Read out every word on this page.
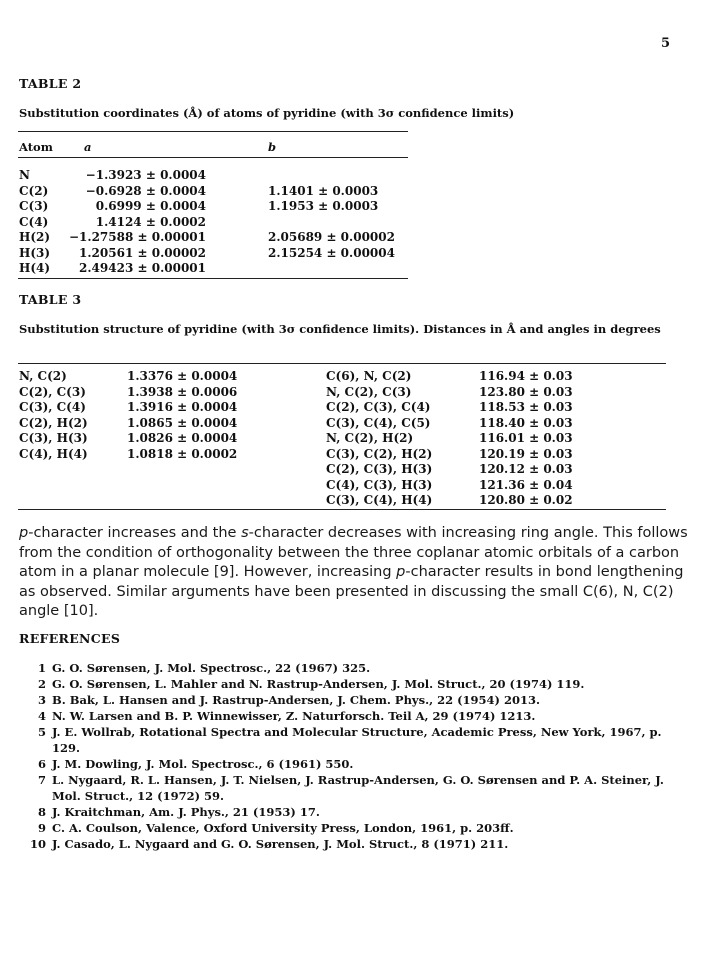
5
TABLE 2
Substitution coordinates (Å) of atoms of pyridine (with 3σ confidence limits)
Atom	a	b
N
C(2)
C(3)
C(4)
H(2)
H(3)
H(4)
−1.3923 ± 0.0004
−0.6928 ± 0.0004
0.6999 ± 0.0004
1.4124 ± 0.0002
−1.27588 ± 0.00001
1.20561 ± 0.00002
2.49423 ± 0.00001
1.1401 ± 0.0003
1.1953 ± 0.0003
2.05689 ± 0.00002
2.15254 ± 0.00004
TABLE 3
Substitution structure of pyridine (with 3σ confidence limits). Distances in Å and angles in degrees
N, C(2)
C(2), C(3)
C(3), C(4)
C(2), H(2)
C(3), H(3)
C(4), H(4)
1.3376 ± 0.0004
1.3938 ± 0.0006
1.3916 ± 0.0004
1.0865 ± 0.0004
1.0826 ± 0.0004
1.0818 ± 0.0002
C(6), N, C(2)
N, C(2), C(3)
C(2), C(3), C(4)
C(3), C(4), C(5)
N, C(2), H(2)
C(3), C(2), H(2)
C(2), C(3), H(3)
C(4), C(3), H(3)
C(3), C(4), H(4)
116.94 ± 0.03
123.80 ± 0.03
118.53 ± 0.03
118.40 ± 0.03
116.01 ± 0.03
120.19 ± 0.03
120.12 ± 0.03
121.36 ± 0.04
120.80 ± 0.02
p-character increases and the s-character decreases with increasing ring angle. This follows from the condition of orthogonality between the three coplanar atomic orbitals of a carbon atom in a planar molecule [9]. However, increasing p-character results in bond lengthening as observed. Similar arguments have been presented in discussing the small C(6), N, C(2) angle [10].
REFERENCES
1 G. O. Sørensen, J. Mol. Spectrosc., 22 (1967) 325.
2 G. O. Sørensen, L. Mahler and N. Rastrup-Andersen, J. Mol. Struct., 20 (1974) 119.
3 B. Bak, L. Hansen and J. Rastrup-Andersen, J. Chem. Phys., 22 (1954) 2013.
4 N. W. Larsen and B. P. Winnewisser, Z. Naturforsch. Teil A, 29 (1974) 1213.
5 J. E. Wollrab, Rotational Spectra and Molecular Structure, Academic Press, New York, 1967, p. 129.
6 J. M. Dowling, J. Mol. Spectrosc., 6 (1961) 550.
7 L. Nygaard, R. L. Hansen, J. T. Nielsen, J. Rastrup-Andersen, G. O. Sørensen and P. A. Steiner, J. Mol. Struct., 12 (1972) 59.
8 J. Kraitchman, Am. J. Phys., 21 (1953) 17.
9 C. A. Coulson, Valence, Oxford University Press, London, 1961, p. 203ff.
10 J. Casado, L. Nygaard and G. O. Sørensen, J. Mol. Struct., 8 (1971) 211.
